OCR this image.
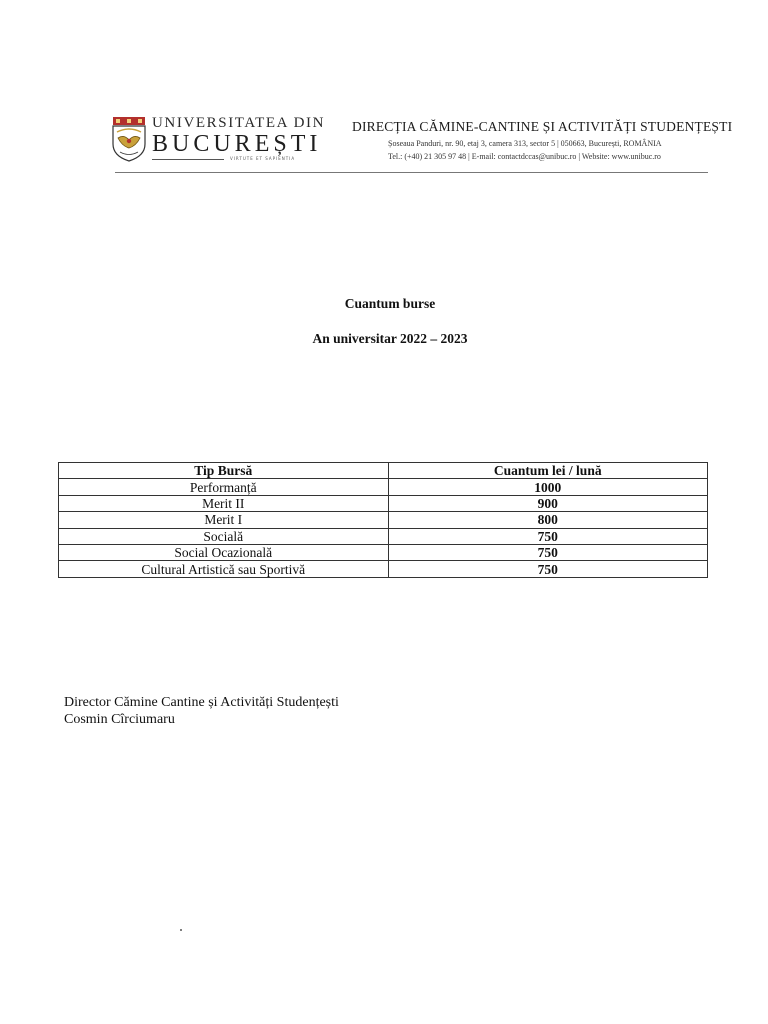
UNIVERSITATEA DIN
BUCUREȘTI
VIRTUTE ET SAPIENTIA
DIRECȚIA CĂMINE-CANTINE ȘI ACTIVITĂȚI STUDENȚEȘTI
Șoseaua Panduri, nr. 90, etaj 3, camera 313, sector 5 | 050663, București, ROMÂNIA
Tel.: (+40) 21 305 97 48 | E-mail: contactdccas@unibuc.ro | Website: www.unibuc.ro
Cuantum burse
An universitar 2022 – 2023
Tip Bursă	Cuantum lei / lună
Performanță	1000
Merit II	900
Merit I	800
Socială	750
Social Ocazională	750
Cultural Artistică sau Sportivă	750
Director Cămine Cantine și Activități Studențești
Cosmin Cîrciumaru
